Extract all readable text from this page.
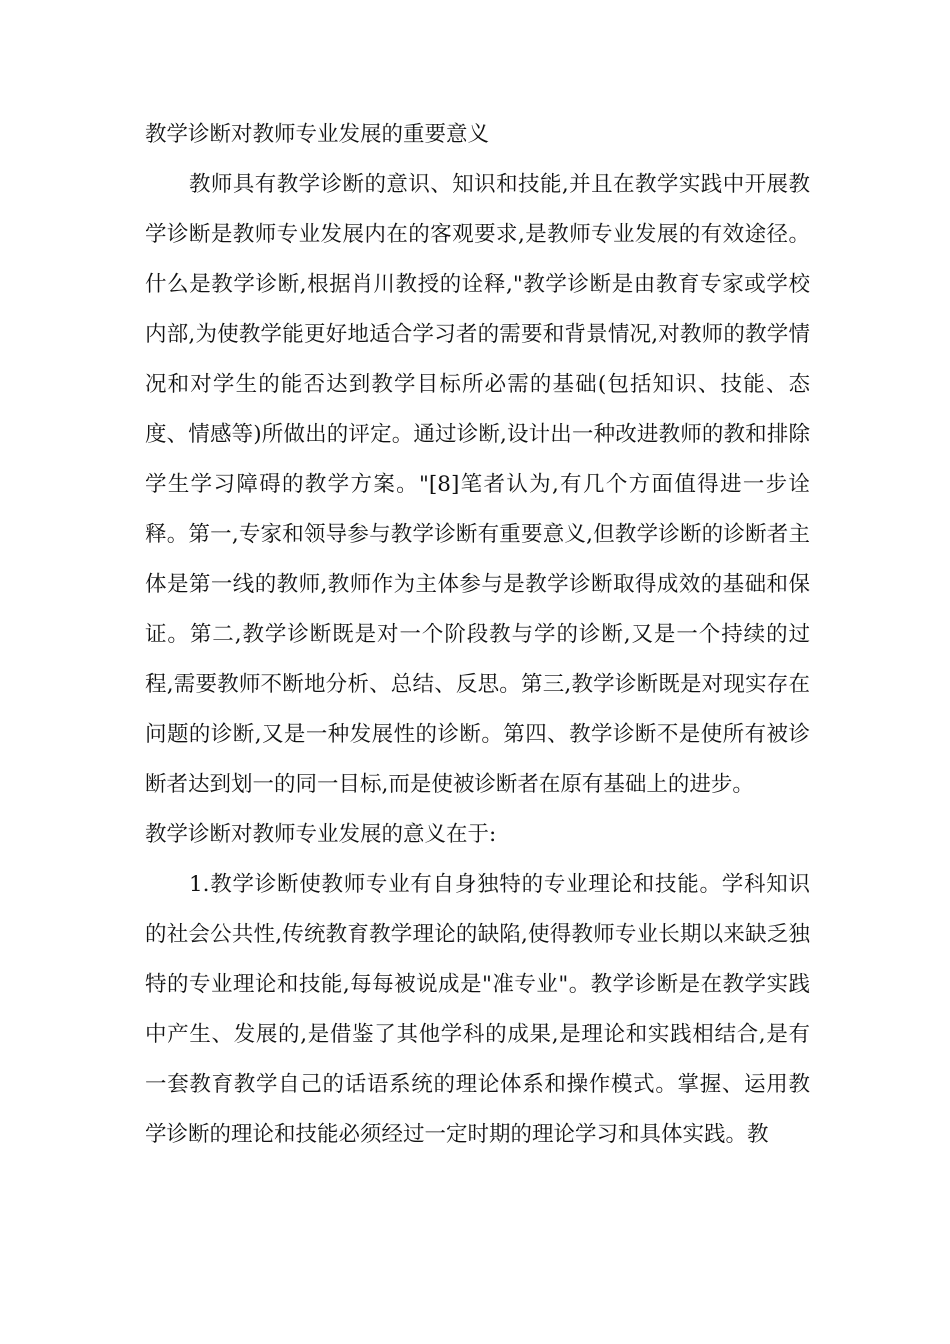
教学诊断对教师专业发展的重要意义

教师具有教学诊断的意识、知识和技能,并且在教学实践中开展教学诊断是教师专业发展内在的客观要求,是教师专业发展的有效途径。什么是教学诊断,根据肖川教授的诠释,"教学诊断是由教育专家或学校内部,为使教学能更好地适合学习者的需要和背景情况,对教师的教学情况和对学生的能否达到教学目标所必需的基础(包括知识、技能、态度、情感等)所做出的评定。通过诊断,设计出一种改进教师的教和排除学生学习障碍的教学方案。"[8]笔者认为,有几个方面值得进一步诠释。第一,专家和领导参与教学诊断有重要意义,但教学诊断的诊断者主体是第一线的教师,教师作为主体参与是教学诊断取得成效的基础和保证。第二,教学诊断既是对一个阶段教与学的诊断,又是一个持续的过程,需要教师不断地分析、总结、反思。第三,教学诊断既是对现实存在问题的诊断,又是一种发展性的诊断。第四、教学诊断不是使所有被诊断者达到划一的同一目标,而是使被诊断者在原有基础上的进步。

教学诊断对教师专业发展的意义在于:

1.教学诊断使教师专业有自身独特的专业理论和技能。学科知识的社会公共性,传统教育教学理论的缺陷,使得教师专业长期以来缺乏独特的专业理论和技能,每每被说成是"准专业"。教学诊断是在教学实践中产生、发展的,是借鉴了其他学科的成果,是理论和实践相结合,是有一套教育教学自己的话语系统的理论体系和操作模式。掌握、运用教学诊断的理论和技能必须经过一定时期的理论学习和具体实践。教
